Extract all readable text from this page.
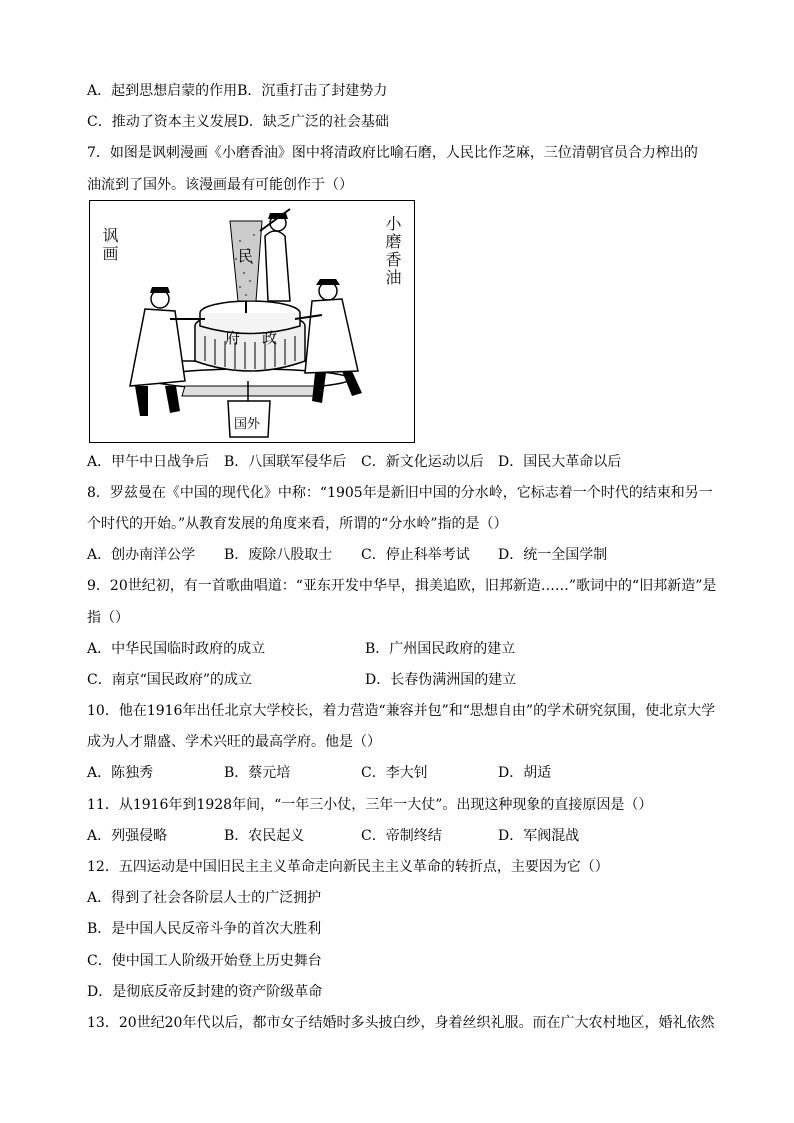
A．起到思想启蒙的作用B．沉重打击了封建势力
C．推动了资本主义发展D．缺乏广泛的社会基础
7．如图是讽刺漫画《小磨香油》图中将清政府比喻石磨，人民比作芝麻，三位清朝官员合力榨出的
油流到了国外。该漫画最有可能创作于（）
小磨香油
讽画	民
府 政
国外
A．甲午中日战争后	B．八国联军侵华后	C．新文化运动以后	D．国民大革命以后
8．罗兹曼在《中国的现代化》中称：“1905年是新旧中国的分水岭，它标志着一个时代的结束和另一
个时代的开始。”从教育发展的角度来看，所谓的“分水岭”指的是（）
A．创办南洋公学	B．废除八股取士	C．停止科举考试	D．统一全国学制
9．20世纪初，有一首歌曲唱道：“亚东开发中华早，揖美追欧，旧邦新造……”歌词中的“旧邦新造”是
指（）
A．中华民国临时政府的成立	B．广州国民政府的建立
C．南京“国民政府”的成立	D．长春伪满洲国的建立
10．他在1916年出任北京大学校长，着力营造“兼容并包”和“思想自由”的学术研究氛围，使北京大学
成为人才鼎盛、学术兴旺的最高学府。他是（）
A．陈独秀	B．蔡元培	C．李大钊	D．胡适
11．从1916年到1928年间，“一年三小仗，三年一大仗”。出现这种现象的直接原因是（）
A．列强侵略	B．农民起义	C．帝制终结	D．军阀混战
12．五四运动是中国旧民主主义革命走向新民主主义革命的转折点，主要因为它（）
A．得到了社会各阶层人士的广泛拥护
B．是中国人民反帝斗争的首次大胜利
C．使中国工人阶级开始登上历史舞台
D．是彻底反帝反封建的资产阶级革命
13．20世纪20年代以后，都市女子结婚时多头披白纱，身着丝织礼服。而在广大农村地区，婚礼依然
